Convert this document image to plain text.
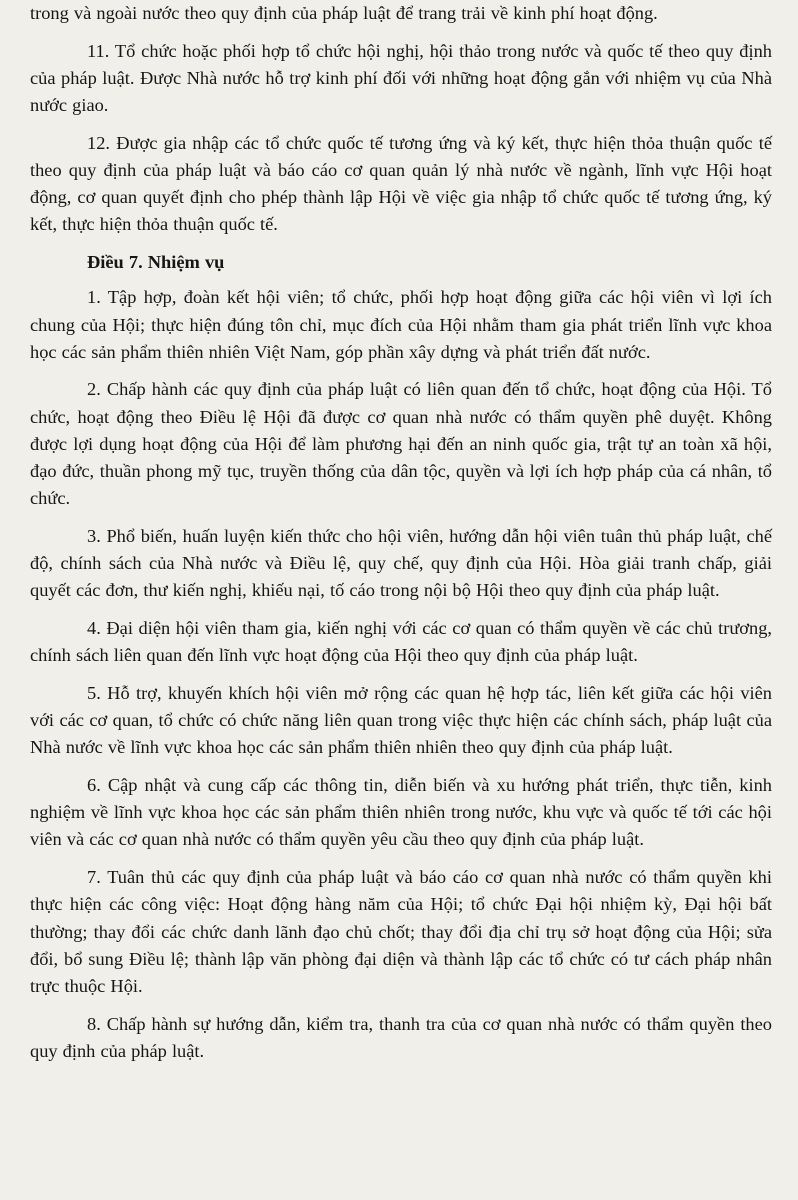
trong và ngoài nước theo quy định của pháp luật để trang trải về kinh phí hoạt động.

11. Tổ chức hoặc phối hợp tổ chức hội nghị, hội thảo trong nước và quốc tế theo quy định của pháp luật. Được Nhà nước hỗ trợ kinh phí đối với những hoạt động gắn với nhiệm vụ của Nhà nước giao.

12. Được gia nhập các tổ chức quốc tế tương ứng và ký kết, thực hiện thỏa thuận quốc tế theo quy định của pháp luật và báo cáo cơ quan quản lý nhà nước về ngành, lĩnh vực Hội hoạt động, cơ quan quyết định cho phép thành lập Hội về việc gia nhập tổ chức quốc tế tương ứng, ký kết, thực hiện thỏa thuận quốc tế.

Điều 7. Nhiệm vụ

1. Tập hợp, đoàn kết hội viên; tổ chức, phối hợp hoạt động giữa các hội viên vì lợi ích chung của Hội; thực hiện đúng tôn chỉ, mục đích của Hội nhằm tham gia phát triển lĩnh vực khoa học các sản phẩm thiên nhiên Việt Nam, góp phần xây dựng và phát triển đất nước.

2. Chấp hành các quy định của pháp luật có liên quan đến tổ chức, hoạt động của Hội. Tổ chức, hoạt động theo Điều lệ Hội đã được cơ quan nhà nước có thẩm quyền phê duyệt. Không được lợi dụng hoạt động của Hội để làm phương hại đến an ninh quốc gia, trật tự an toàn xã hội, đạo đức, thuần phong mỹ tục, truyền thống của dân tộc, quyền và lợi ích hợp pháp của cá nhân, tổ chức.

3. Phổ biến, huấn luyện kiến thức cho hội viên, hướng dẫn hội viên tuân thủ pháp luật, chế độ, chính sách của Nhà nước và Điều lệ, quy chế, quy định của Hội. Hòa giải tranh chấp, giải quyết các đơn, thư kiến nghị, khiếu nại, tố cáo trong nội bộ Hội theo quy định của pháp luật.

4. Đại diện hội viên tham gia, kiến nghị với các cơ quan có thẩm quyền về các chủ trương, chính sách liên quan đến lĩnh vực hoạt động của Hội theo quy định của pháp luật.

5. Hỗ trợ, khuyến khích hội viên mở rộng các quan hệ hợp tác, liên kết giữa các hội viên với các cơ quan, tổ chức có chức năng liên quan trong việc thực hiện các chính sách, pháp luật của Nhà nước về lĩnh vực khoa học các sản phẩm thiên nhiên theo quy định của pháp luật.

6. Cập nhật và cung cấp các thông tin, diễn biến và xu hướng phát triển, thực tiễn, kinh nghiệm về lĩnh vực khoa học các sản phẩm thiên nhiên trong nước, khu vực và quốc tế tới các hội viên và các cơ quan nhà nước có thẩm quyền yêu cầu theo quy định của pháp luật.

7. Tuân thủ các quy định của pháp luật và báo cáo cơ quan nhà nước có thẩm quyền khi thực hiện các công việc: Hoạt động hàng năm của Hội; tổ chức Đại hội nhiệm kỳ, Đại hội bất thường; thay đổi các chức danh lãnh đạo chủ chốt; thay đổi địa chỉ trụ sở hoạt động của Hội; sửa đổi, bổ sung Điều lệ; thành lập văn phòng đại diện và thành lập các tổ chức có tư cách pháp nhân trực thuộc Hội.

8. Chấp hành sự hướng dẫn, kiểm tra, thanh tra của cơ quan nhà nước có thẩm quyền theo quy định của pháp luật.
